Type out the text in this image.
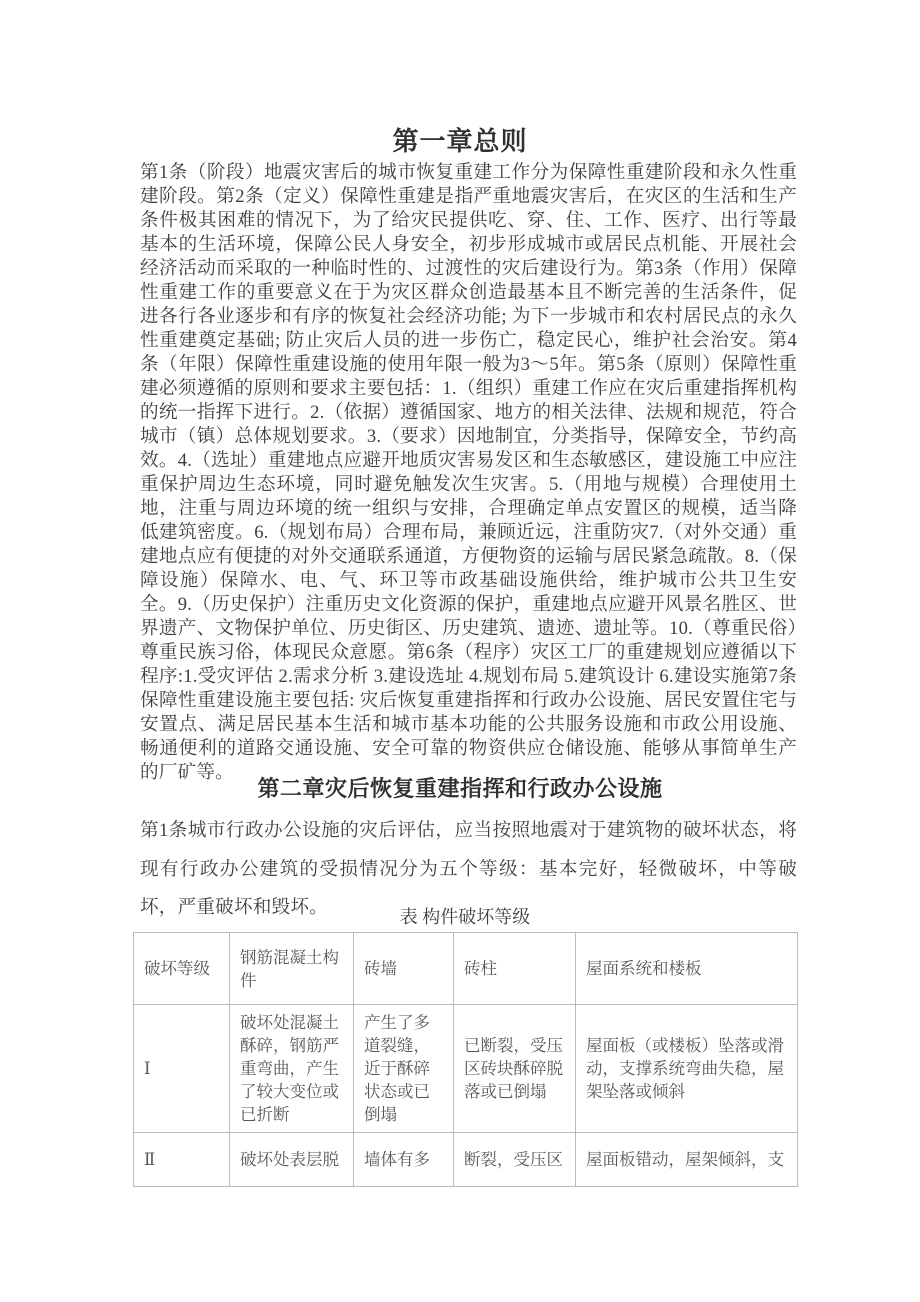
第一章总则

第1条（阶段）地震灾害后的城市恢复重建工作分为保障性重建阶段和永久性重建阶段。第2条（定义）保障性重建是指严重地震灾害后，在灾区的生活和生产条件极其困难的情况下，为了给灾民提供吃、穿、住、工作、医疗、出行等最基本的生活环境，保障公民人身安全，初步形成城市或居民点机能、开展社会经济活动而采取的一种临时性的、过渡性的灾后建设行为。第3条（作用）保障性重建工作的重要意义在于为灾区群众创造最基本且不断完善的生活条件，促进各行各业逐步和有序的恢复社会经济功能; 为下一步城市和农村居民点的永久性重建奠定基础; 防止灾后人员的进一步伤亡，稳定民心，维护社会治安。第4条（年限）保障性重建设施的使用年限一般为3～5年。第5条（原则）保障性重建必须遵循的原则和要求主要包括：1.（组织）重建工作应在灾后重建指挥机构的统一指挥下进行。2.（依据）遵循国家、地方的相关法律、法规和规范，符合城市（镇）总体规划要求。3.（要求）因地制宜，分类指导，保障安全，节约高效。4.（选址）重建地点应避开地质灾害易发区和生态敏感区，建设施工中应注重保护周边生态环境，同时避免触发次生灾害。5.（用地与规模）合理使用土地，注重与周边环境的统一组织与安排，合理确定单点安置区的规模，适当降低建筑密度。6.（规划布局）合理布局，兼顾近远，注重防灾7.（对外交通）重建地点应有便捷的对外交通联系通道，方便物资的运输与居民紧急疏散。8.（保障设施）保障水、电、气、环卫等市政基础设施供给，维护城市公共卫生安全。9.（历史保护）注重历史文化资源的保护，重建地点应避开风景名胜区、世界遗产、文物保护单位、历史街区、历史建筑、遗迹、遗址等。10.（尊重民俗）尊重民族习俗，体现民众意愿。第6条（程序）灾区工厂的重建规划应遵循以下程序:1.受灾评估 2.需求分析 3.建设选址 4.规划布局 5.建筑设计 6.建设实施第7条保障性重建设施主要包括: 灾后恢复重建指挥和行政办公设施、居民安置住宅与安置点、满足居民基本生活和城市基本功能的公共服务设施和市政公用设施、畅通便利的道路交通设施、安全可靠的物资供应仓储设施、能够从事简单生产的厂矿等。

第二章灾后恢复重建指挥和行政办公设施

第1条城市行政办公设施的灾后评估，应当按照地震对于建筑物的破坏状态，将现有行政办公建筑的受损情况分为五个等级：基本完好，轻微破坏，中等破坏，严重破坏和毁坏。	表 构件破坏等级

破坏等级	钢筋混凝土构件	砖墙	砖柱	屋面系统和楼板
Ⅰ	破坏处混凝土酥碎，钢筋严重弯曲，产生了较大变位或已折断	产生了多道裂缝，近于酥碎状态或已倒塌	已断裂，受压区砖块酥碎脱落或已倒塌	屋面板（或楼板）坠落或滑动，支撑系统弯曲失稳，屋架坠落或倾斜
Ⅱ	破坏处表层脱	墙体有多	断裂，受压区	屋面板错动，屋架倾斜，支
